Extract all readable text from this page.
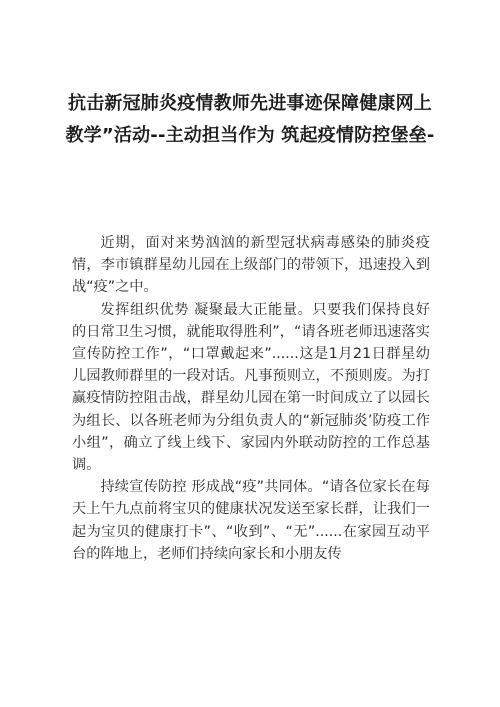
抗击新冠肺炎疫情教师先进事迹保障健康网上教学”活动--主动担当作为 筑起疫情防控堡垒-

近期，面对来势汹汹的新型冠状病毒感染的肺炎疫情，李市镇群星幼儿园在上级部门的带领下，迅速投入到战“疫”之中。

发挥组织优势 凝聚最大正能量。只要我们保持良好的日常卫生习惯，就能取得胜利”，“请各班老师迅速落实宣传防控工作”，“口罩戴起来”......这是1月21日群星幼儿园教师群里的一段对话。凡事预则立，不预则废。为打赢疫情防控阻击战，群星幼儿园在第一时间成立了以园长为组长、以各班老师为分组负责人的“新冠肺炎’防疫工作小组”，确立了线上线下、家园内外联动防控的工作总基调。

持续宣传防控 形成战“疫”共同体。“请各位家长在每天上午九点前将宝贝的健康状况发送至家长群，让我们一起为宝贝的健康打卡”、“收到”、“无”......在家园互动平台的阵地上，老师们持续向家长和小朋友传
